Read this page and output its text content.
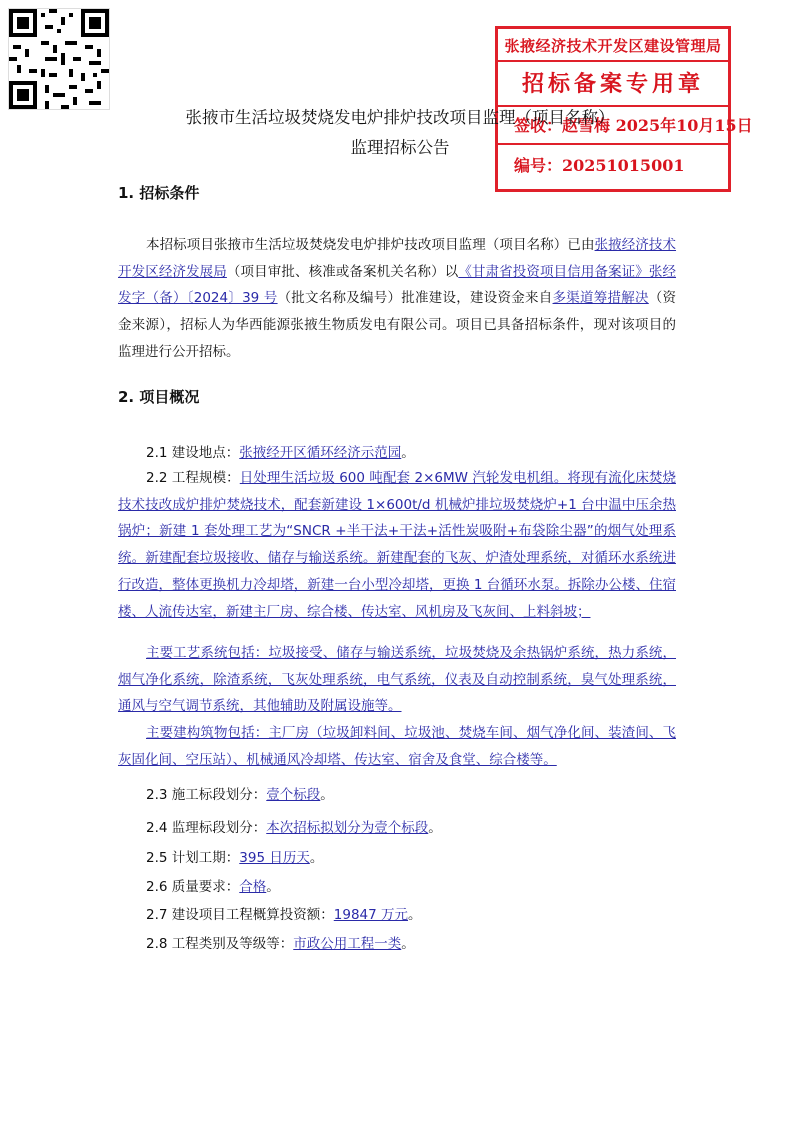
张掖经济技术开发区建设管理局
招标备案专用章
签收：赵雪梅 2025年10月15日
编号：20251015001
张掖市生活垃圾焚烧发电炉排炉技改项目监理（项目名称）
监理招标公告
1. 招标条件
本招标项目张掖市生活垃圾焚烧发电炉排炉技改项目监理（项目名称）已由张掖经济技术开发区经济发展局（项目审批、核准或备案机关名称）以《甘肃省投资项目信用备案证》张经发字（备）〔2024〕39 号（批文名称及编号）批准建设，建设资金来自多渠道筹措解决（资金来源），招标人为华西能源张掖生物质发电有限公司。项目已具备招标条件，现对该项目的监理进行公开招标。
2. 项目概况
2.1 建设地点：张掖经开区循环经济示范园。
2.2 工程规模：日处理生活垃圾 600 吨配套 2×6MW 汽轮发电机组。将现有流化床焚烧技术技改成炉排炉焚烧技术，配套新建设 1×600t/d 机械炉排垃圾焚烧炉+1 台中温中压余热锅炉；新建 1 套处理工艺为“SNCR +半干法+干法+活性炭吸附+布袋除尘器”的烟气处理系统。新建配套垃圾接收、储存与输送系统。新建配套的飞灰、炉渣处理系统，对循环水系统进行改造，整体更换机力冷却塔，新建一台小型冷却塔，更换 1 台循环水泵。拆除办公楼、住宿楼、人流传达室，新建主厂房、综合楼、传达室、风机房及飞灰间、上料斜坡；
主要工艺系统包括：垃圾接受、储存与输送系统，垃圾焚烧及余热锅炉系统，热力系统，烟气净化系统，除渣系统，飞灰处理系统，电气系统，仪表及自动控制系统，臭气处理系统，通风与空气调节系统，其他辅助及附属设施等。
主要建构筑物包括：主厂房（垃圾卸料间、垃圾池、焚烧车间、烟气净化间、装渣间、飞灰固化间、空压站）、机械通风冷却塔、传达室、宿舍及食堂、综合楼等。
2.3 施工标段划分：壹个标段。
2.4 监理标段划分：本次招标拟划分为壹个标段。
2.5 计划工期：395 日历天。
2.6 质量要求：合格。
2.7 建设项目工程概算投资额：19847 万元。
2.8 工程类别及等级等：市政公用工程一类。
